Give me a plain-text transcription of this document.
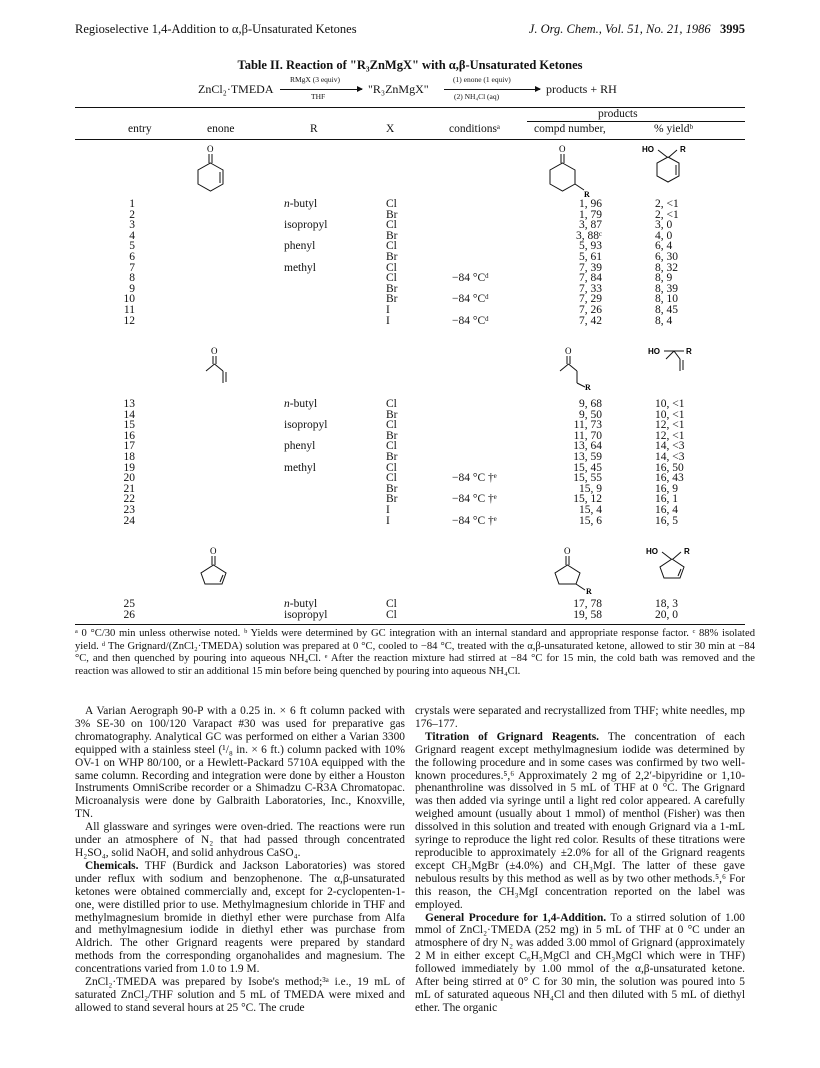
Regioselective 1,4-Addition to α,β-Unsaturated Ketones	J. Org. Chem., Vol. 51, No. 21, 1986 3995
Table II. Reaction of "R₃ZnMgX" with α,β-Unsaturated Ketones
ZnCl₂·TMEDA
RMgX (3 equiv)
THF
"R₃ZnMgX"
(1) enone (1 equiv)
(2) NH₄Cl (aq)
products + RH
products
entry	enone	R	X	conditionsᵃ	compd number,	% yieldᵇ
O	O
R
HO	R
O	O
R
HO	R
O	O
R
HO	R
1	n-butyl	Cl	1, 96	2, <1
2	Br	1, 79	2, <1
3	isopropyl	Cl	3, 87	3, 0
4	Br	3, 88ᶜ	4, 0
5	phenyl	Cl	5, 93	6, 4
6	Br	5, 61	6, 30
7	methyl	Cl	7, 39	8, 32
8	Cl	−84 °Cᵈ	7, 84	8, 9
9	Br	7, 33	8, 39
10	Br	−84 °Cᵈ	7, 29	8, 10
11	I	7, 26	8, 45
12	I	−84 °Cᵈ	7, 42	8, 4
13	n-butyl	Cl	9, 68	10, <1
14	Br	9, 50	10, <1
15	isopropyl	Cl	11, 73	12, <1
16	Br	11, 70	12, <1
17	phenyl	Cl	13, 64	14, <3
18	Br	13, 59	14, <3
19	methyl	Cl	15, 45	16, 50
20	Cl	−84 °C †ᵉ	15, 55	16, 43
21	Br	15, 9	16, 9
22	Br	−84 °C †ᵉ	15, 12	16, 1
23	I	15, 4	16, 4
24	I	−84 °C †ᵉ	15, 6	16, 5
25	n-butyl	Cl	17, 78	18, 3
26	isopropyl	Cl	19, 58	20, 0
ᵃ 0 °C/30 min unless otherwise noted. ᵇ Yields were determined by GC integration with an internal standard and appropriate response factor. ᶜ 88% isolated yield. ᵈ The Grignard/(ZnCl₂·TMEDA) solution was prepared at 0 °C, cooled to −84 °C, treated with the α,β-unsaturated ketone, allowed to stir 30 min at −84 °C, and then quenched by pouring into aqueous NH₄Cl. ᵉ After the reaction mixture had stirred at −84 °C for 15 min, the cold bath was removed and the reaction was allowed to stir an additional 15 min before being quenched by pouring into aqueous NH₄Cl.

A Varian Aerograph 90-P with a 0.25 in. × 6 ft column packed with 3% SE-30 on 100/120 Varapact #30 was used for preparative gas chromatography. Analytical GC was performed on either a Varian 3300 equipped with a stainless steel (¹/₈ in. × 6 ft.) column packed with 10% OV-1 on WHP 80/100, or a Hewlett-Packard 5710A equipped with the same column. Recording and integration were done by either a Houston Instruments OmniScribe recorder or a Shimadzu C-R3A Chromatopac. Microanalysis were done by Galbraith Laboratories, Inc., Knoxville, TN.

All glassware and syringes were oven-dried. The reactions were run under an atmosphere of N₂ that had passed through concentrated H₂SO₄, solid NaOH, and solid anhydrous CaSO₄.

Chemicals. THF (Burdick and Jackson Laboratories) was stored under reflux with sodium and benzophenone. The α,β-unsaturated ketones were obtained commercially and, except for 2-cyclopenten-1-one, were distilled prior to use. Methylmagnesium chloride in THF and methylmagnesium bromide in diethyl ether were purchase from Alfa and methylmagnesium iodide in diethyl ether was purchase from Aldrich. The other Grignard reagents were prepared by standard methods from the corresponding organohalides and magnesium. The concentrations varied from 1.0 to 1.9 M.

ZnCl₂·TMEDA was prepared by Isobe's method;³ᵃ i.e., 19 mL of saturated ZnCl₂/THF solution and 5 mL of TMEDA were mixed and allowed to stand several hours at 25 °C. The crude

crystals were separated and recrystallized from THF; white needles, mp 176–177.

Titration of Grignard Reagents. The concentration of each Grignard reagent except methylmagnesium iodide was determined by the following procedure and in some cases was confirmed by two well-known procedures.⁵,⁶ Approximately 2 mg of 2,2′-bipyridine or 1,10-phenanthroline was dissolved in 5 mL of THF at 0 °C. The Grignard was then added via syringe until a light red color appeared. A carefully weighed amount (usually about 1 mmol) of menthol (Fisher) was then dissolved in this solution and treated with enough Grignard via a 1-mL syringe to reproduce the light red color. Results of these titrations were reproducible to approximately ±2.0% for all of the Grignard reagents except CH₃MgBr (±4.0%) and CH₃MgI. The latter of these gave nebulous results by this method as well as by two other methods.⁵,⁶ For this reason, the CH₃MgI concentration reported on the label was employed.

General Procedure for 1,4-Addition. To a stirred solution of 1.00 mmol of ZnCl₂·TMEDA (252 mg) in 5 mL of THF at 0 °C under an atmosphere of dry N₂ was added 3.00 mmol of Grignard (approximately 2 M in either except C₆H₅MgCl and CH₃MgCl which were in THF) followed immediately by 1.00 mmol of the α,β-unsaturated ketone. After being stirred at 0° C for 30 min, the solution was poured into 5 mL of saturated aqueous NH₄Cl and then diluted with 5 mL of diethyl ether. The organic
